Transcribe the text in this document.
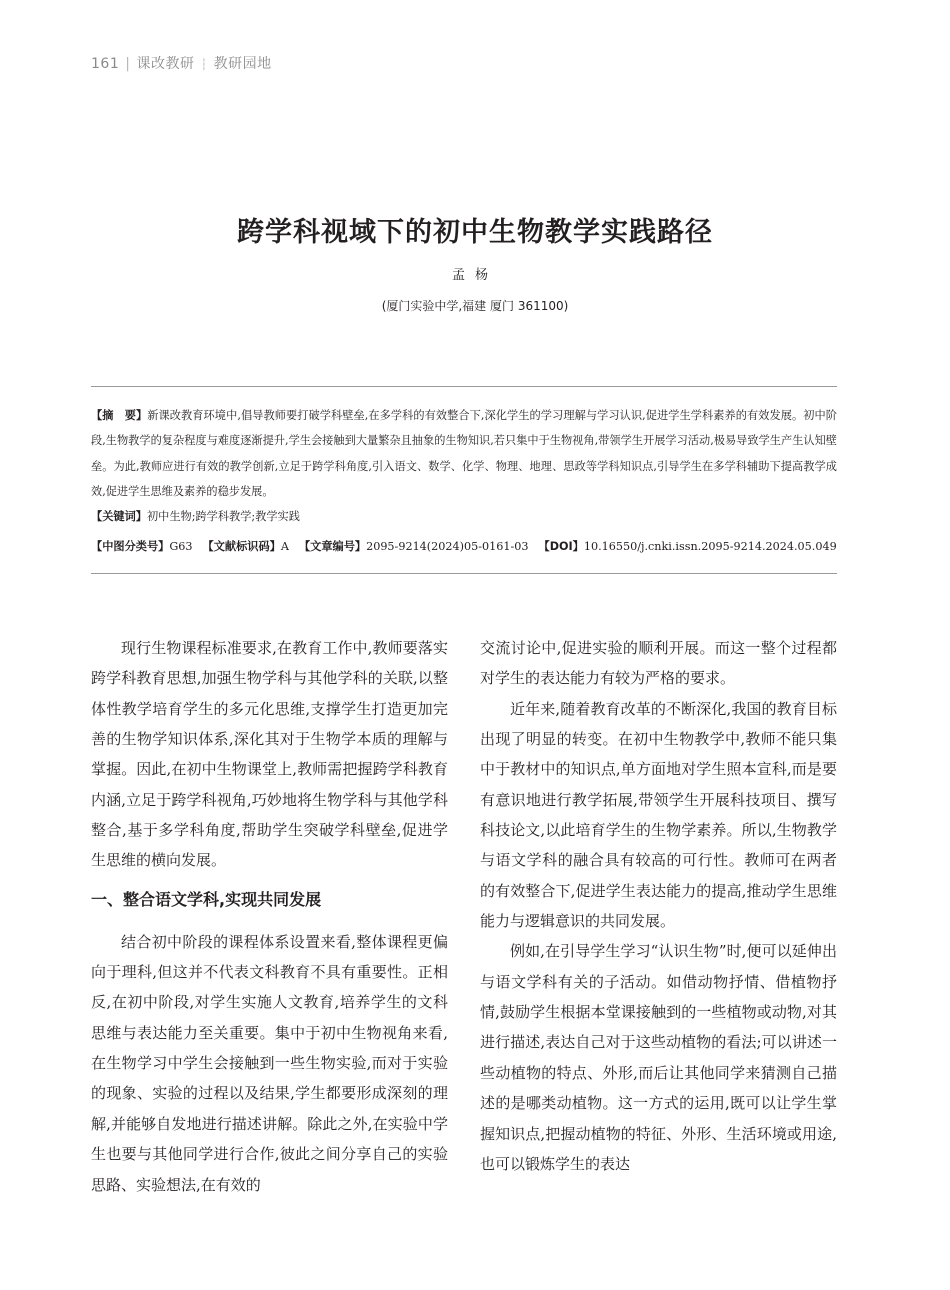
161 | 课改教研 ┆ 教研园地
跨学科视域下的初中生物教学实践路径
孟杨
(厦门实验中学,福建 厦门 361100)
【摘　要】新课改教育环境中,倡导教师要打破学科壁垒,在多学科的有效整合下,深化学生的学习理解与学习认识,促进学生学科素养的有效发展。初中阶段,生物教学的复杂程度与难度逐渐提升,学生会接触到大量繁杂且抽象的生物知识,若只集中于生物视角,带领学生开展学习活动,极易导致学生产生认知壁垒。为此,教师应进行有效的教学创新,立足于跨学科角度,引入语文、数学、化学、物理、地理、思政等学科知识点,引导学生在多学科辅助下提高教学成效,促进学生思维及素养的稳步发展。
【关键词】初中生物;跨学科教学;教学实践
【中图分类号】G63 【文献标识码】A 【文章编号】2095-9214(2024)05-0161-03 【DOI】10.16550/j.cnki.issn.2095-9214.2024.05.049

现行生物课程标准要求,在教育工作中,教师要落实跨学科教育思想,加强生物学科与其他学科的关联,以整体性教学培育学生的多元化思维,支撑学生打造更加完善的生物学知识体系,深化其对于生物学本质的理解与掌握。因此,在初中生物课堂上,教师需把握跨学科教育内涵,立足于跨学科视角,巧妙地将生物学科与其他学科整合,基于多学科角度,帮助学生突破学科壁垒,促进学生思维的横向发展。

一、整合语文学科,实现共同发展

结合初中阶段的课程体系设置来看,整体课程更偏向于理科,但这并不代表文科教育不具有重要性。正相反,在初中阶段,对学生实施人文教育,培养学生的文科思维与表达能力至关重要。集中于初中生物视角来看,在生物学习中学生会接触到一些生物实验,而对于实验的现象、实验的过程以及结果,学生都要形成深刻的理解,并能够自发地进行描述讲解。除此之外,在实验中学生也要与其他同学进行合作,彼此之间分享自己的实验思路、实验想法,在有效的

交流讨论中,促进实验的顺利开展。而这一整个过程都对学生的表达能力有较为严格的要求。

近年来,随着教育改革的不断深化,我国的教育目标出现了明显的转变。在初中生物教学中,教师不能只集中于教材中的知识点,单方面地对学生照本宣科,而是要有意识地进行教学拓展,带领学生开展科技项目、撰写科技论文,以此培育学生的生物学素养。所以,生物教学与语文学科的融合具有较高的可行性。教师可在两者的有效整合下,促进学生表达能力的提高,推动学生思维能力与逻辑意识的共同发展。

例如,在引导学生学习“认识生物”时,便可以延伸出与语文学科有关的子活动。如借动物抒情、借植物抒情,鼓励学生根据本堂课接触到的一些植物或动物,对其进行描述,表达自己对于这些动植物的看法;可以讲述一些动植物的特点、外形,而后让其他同学来猜测自己描述的是哪类动植物。这一方式的运用,既可以让学生掌握知识点,把握动植物的特征、外形、生活环境或用途,也可以锻炼学生的表达
